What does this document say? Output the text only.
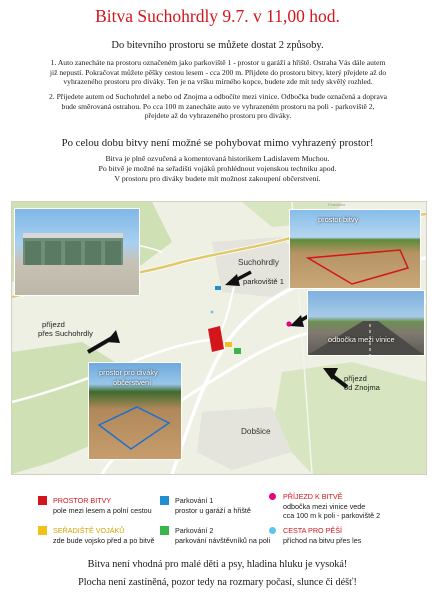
Bitva Suchohrdly 9.7. v 11,00 hod.
Do bitevního prostoru se můžete dostat 2 způsoby.
1. Auto zanecháte na prostoru označeném jako parkoviště 1 - prostor u garáží a hřiště. Ostraha Vás dále autem
již nepustí. Pokračovat můžete pěšky cestou lesem - cca 200 m. Přijdete do prostoru bitvy, který přejdete až do
vyhrazeného prostoru pro diváky. Ten je na vršku mírného kopce, budete zde mít tedy skvělý rozhled.
2. Přijedete autem od Suchohrdel a nebo od Znojma a odbočíte mezi vinice. Odbočka bude označená a doprava
bude směrovaná ostrahou. Po cca 100 m zanecháte auto ve vyhrazeném prostoru na poli - parkoviště 2,
přejdete až do vyhrazeného prostoru pro diváky.
Po celou dobu bitvy není možné se pohybovat mimo vyhrazený prostor!
Bitva je plně ozvučená a komentovaná historikem Ladislavem Muchou.
Po bitvě je možné na seřadišti vojáků prohlédnout vojenskou techniku apod.
V prostoru pro diváky budete mít možnost zakoupení občerstvení.
prostor bitvy
odbočka mezi vinice
prostor pro diváky
občerstvení
Suchohrdly
parkoviště 1
příjezd
přes Suchohrdly
příjezd
od Znojma
Dobšice
Podvinice
PROSTOR BITVY
pole mezi lesem a polní cestou
Parkování 1
prostor u garáží a hřiště
PŘÍJEZD K BITVĚ
odbočka mezi vinice vede
cca 100 m k poli - parkoviště 2
SEŘADIŠTĚ VOJÁKŮ
zde bude vojsko před a po bitvě
Parkování 2
parkování návštěvníků na poli
CESTA PRO PĚŠÍ
příchod na bitvu přes les
Bitva není vhodná pro malé děti a psy, hladina hluku je vysoká!
Plocha není zastíněná, pozor tedy na rozmary počasí, slunce či déšť!
